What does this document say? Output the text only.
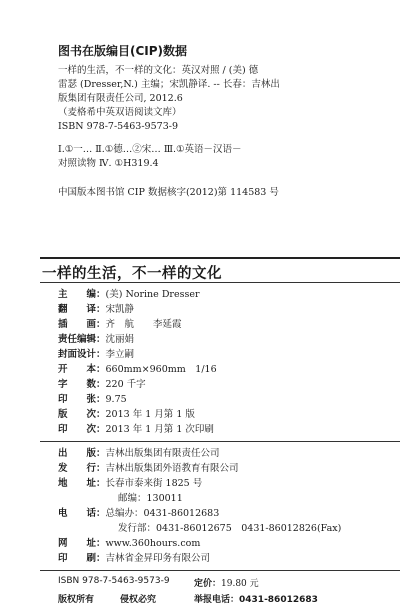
图书在版编目(CIP)数据
一样的生活，不一样的文化：英汉对照 / (美) 德
雷瑟 (Dresser,N.) 主编；宋凯静译. -- 长春：吉林出
版集团有限责任公司, 2012.6
（麦格希中英双语阅读文库）
ISBN 978-7-5463-9573-9
Ⅰ.①一… Ⅱ.①德…②宋… Ⅲ.①英语－汉语－
对照读物 Ⅳ. ①H319.4
中国版本图书馆 CIP 数据核字(2012)第 114583 号
一样的生活，不一样的文化
主　　编：(美) Norine Dresser
翻　　译：宋凯静
插　　画：齐　航　　李延霞
责任编辑：沈丽娟
封面设计：李立嗣
开　　本：660mm×960mm　1/16
字　　数：220 千字
印　　张：9.75
版　　次：2013 年 1 月第 1 版
印　　次：2013 年 1 月第 1 次印刷
出　　版：吉林出版集团有限责任公司
发　　行：吉林出版集团外语教育有限公司
地　　址：长春市泰来街 1825 号
邮编：130011
电　　话：总编办：0431-86012683
发行部：0431-86012675　0431-86012826(Fax)
网　　址：www.360hours.com
印　　刷：吉林省金昇印务有限公司
ISBN 978-7-5463-9573-9	定价：19.80 元
版权所有	侵权必究	举报电话：0431-86012683
